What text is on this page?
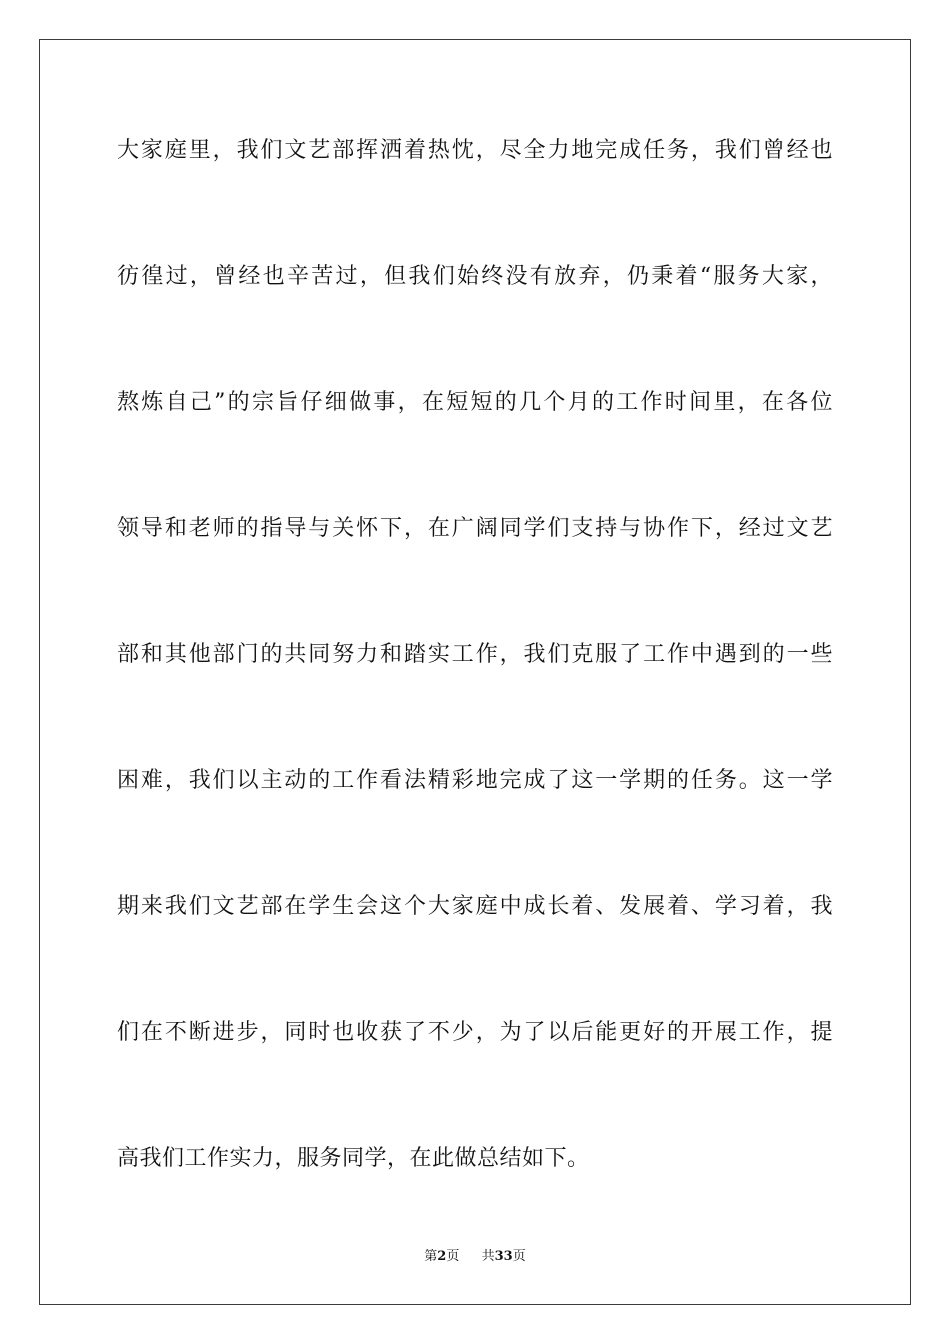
大家庭里，我们文艺部挥洒着热忱，尽全力地完成任务，我们曾经也
彷徨过，曾经也辛苦过，但我们始终没有放弃，仍秉着“服务大家，
熬炼自己”的宗旨仔细做事，在短短的几个月的工作时间里，在各位
领导和老师的指导与关怀下，在广阔同学们支持与协作下，经过文艺
部和其他部门的共同努力和踏实工作，我们克服了工作中遇到的一些
困难，我们以主动的工作看法精彩地完成了这一学期的任务。这一学
期来我们文艺部在学生会这个大家庭中成长着、发展着、学习着，我
们在不断进步，同时也收获了不少，为了以后能更好的开展工作，提
高我们工作实力，服务同学，在此做总结如下。
第2页 共33页
